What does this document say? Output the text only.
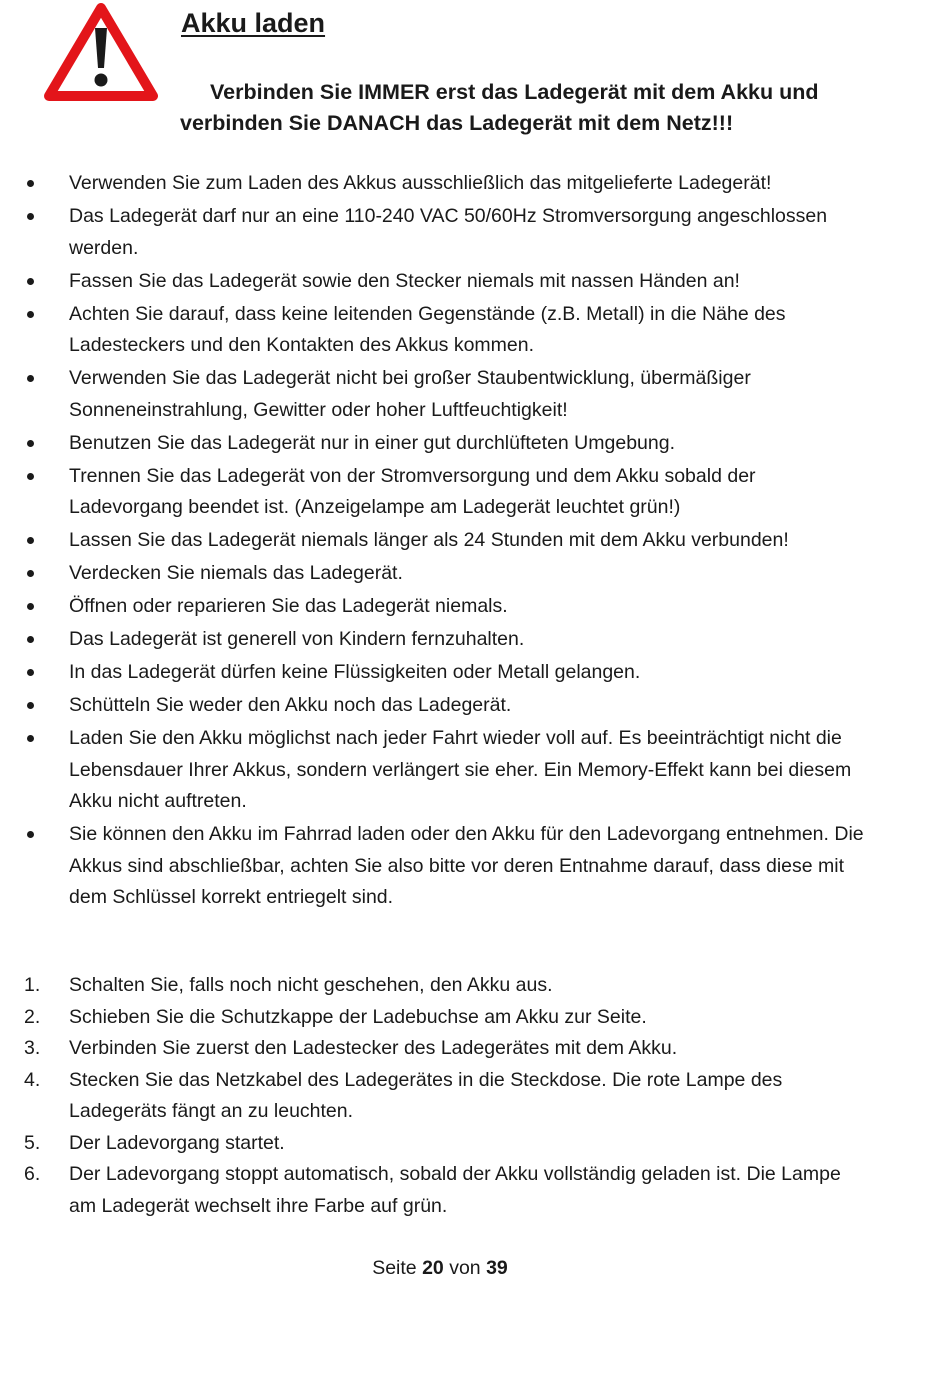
Akku laden
Verbinden Sie IMMER erst das Ladegerät mit dem Akku und
verbinden Sie DANACH das Ladegerät mit dem Netz!!!
Verwenden Sie zum Laden des Akkus ausschließlich das mitgelieferte Ladegerät!
Das Ladegerät darf nur an eine 110-240 VAC 50/60Hz Stromversorgung angeschlossen werden.
Fassen Sie das Ladegerät sowie den Stecker niemals mit nassen Händen an!
Achten Sie darauf, dass keine leitenden Gegenstände (z.B. Metall) in die Nähe des Ladesteckers und den Kontakten des Akkus kommen.
Verwenden Sie das Ladegerät nicht bei großer Staubentwicklung, übermäßiger Sonneneinstrahlung, Gewitter oder hoher Luftfeuchtigkeit!
Benutzen Sie das Ladegerät nur in einer gut durchlüfteten Umgebung.
Trennen Sie das Ladegerät von der Stromversorgung und dem Akku sobald der Ladevorgang beendet ist. (Anzeigelampe am Ladegerät leuchtet grün!)
Lassen Sie das Ladegerät niemals länger als 24 Stunden mit dem Akku verbunden!
Verdecken Sie niemals das Ladegerät.
Öffnen oder reparieren Sie das Ladegerät niemals.
Das Ladegerät ist generell von Kindern fernzuhalten.
In das Ladegerät dürfen keine Flüssigkeiten oder Metall gelangen.
Schütteln Sie weder den Akku noch das Ladegerät.
Laden Sie den Akku möglichst nach jeder Fahrt wieder voll auf. Es beeinträchtigt nicht die Lebensdauer Ihrer Akkus, sondern verlängert sie eher. Ein Memory-Effekt kann bei diesem Akku nicht auftreten.
Sie können den Akku im Fahrrad laden oder den Akku für den Ladevorgang entnehmen. Die Akkus sind abschließbar, achten Sie also bitte vor deren Entnahme darauf, dass diese mit dem Schlüssel korrekt entriegelt sind.
1. Schalten Sie, falls noch nicht geschehen, den Akku aus.
2. Schieben Sie die Schutzkappe der Ladebuchse am Akku zur Seite.
3. Verbinden Sie zuerst den Ladestecker des Ladegerätes mit dem Akku.
4. Stecken Sie das Netzkabel des Ladegerätes in die Steckdose. Die rote Lampe des Ladegeräts fängt an zu leuchten.
5. Der Ladevorgang startet.
6. Der Ladevorgang stoppt automatisch, sobald der Akku vollständig geladen ist. Die Lampe am Ladegerät wechselt ihre Farbe auf grün.
Seite 20 von 39
